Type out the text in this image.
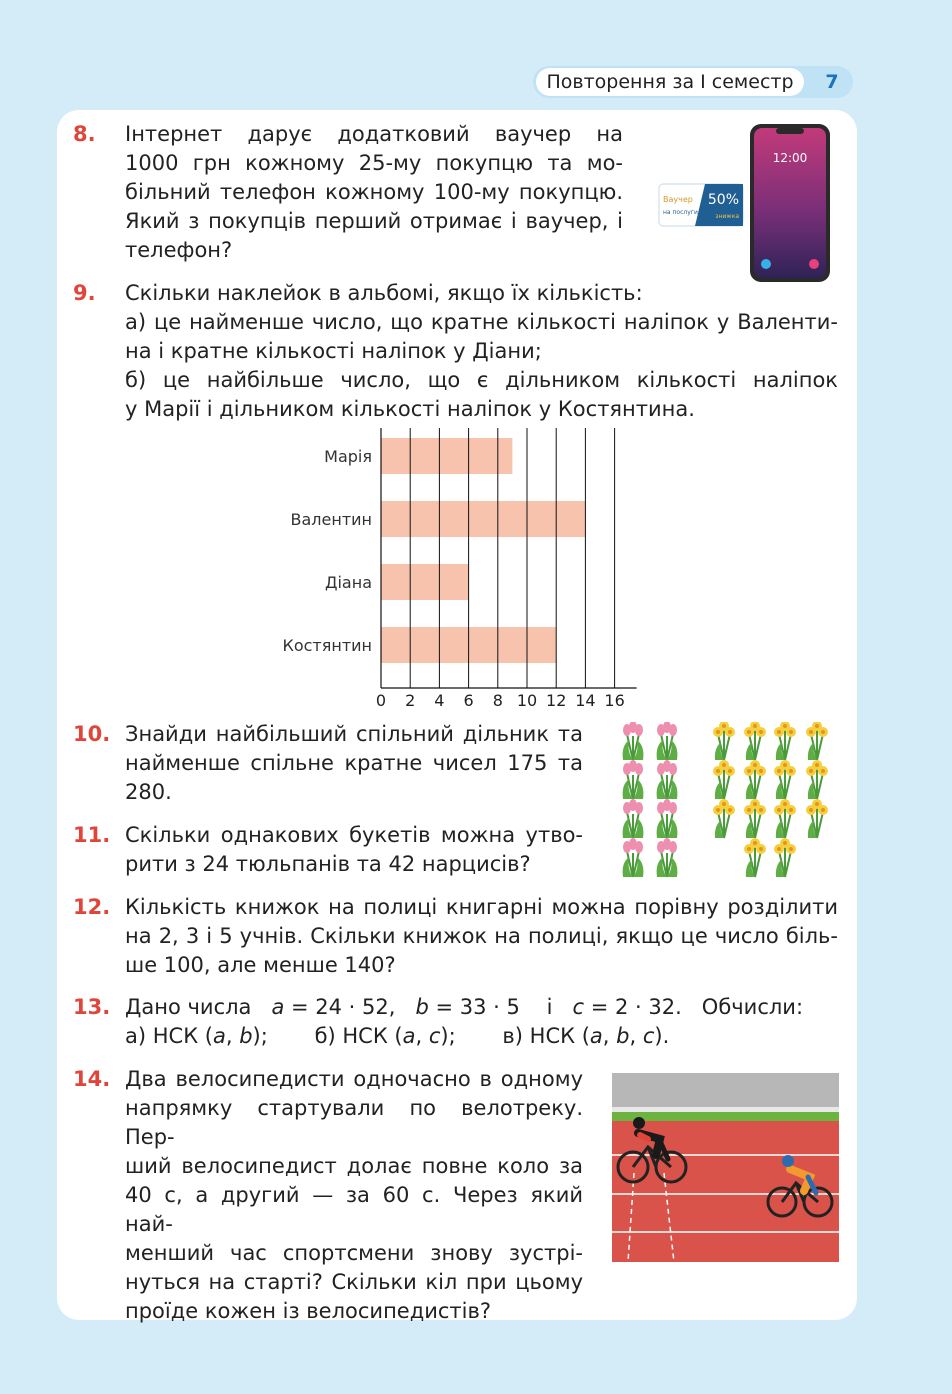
Повторення за I семестр	7
8. Інтернет дарує додатковий ваучер на

1000 грн кожному 25-му покупцю та мо-

більний телефон кожному 100-му покупцю.

Який з покупців перший отримає і ваучер, і

телефон?

12:00
Ваучер
на послуги
50%
знижка
9. Скільки наклейок в альбомі, якщо їх кількість:

а) це найменше число, що кратне кількості наліпок у Валенти-

на і кратне кількості наліпок у Діани;

б) це найбільше число, що є дільником кількості наліпок

у Марії і дільником кількості наліпок у Костянтина.

Марія
Валентин
Діана
Костянтин
0 2 4 6 8 10 12 14 16
10. Знайди найбільший спільний дільник та

найменше спільне кратне чисел 175 та

280.

11. Скільки однакових букетів можна утво-

рити з 24 тюльпанів та 42 нарцисів?

12. Кількість книжок на полиці книгарні можна порівну розділити

на 2, 3 і 5 учнів. Скільки книжок на полиці, якщо це число біль-

ше 100, але менше 140?

13. Дано числа a = 24 · 52, b = 33 · 5 і c = 2 · 32. Обчисли:

а) НСК (a, b); б) НСК (a, c); в) НСК (a, b, c).

14. Два велосипедисти одночасно в одному

напрямку стартували по велотреку. Пер-

ший велосипедист долає повне коло за

40 с, а другий — за 60 с. Через який най-

менший час спортсмени знову зустрі-

нуться на старті? Скільки кіл при цьому

проїде кожен із велосипедистів?
